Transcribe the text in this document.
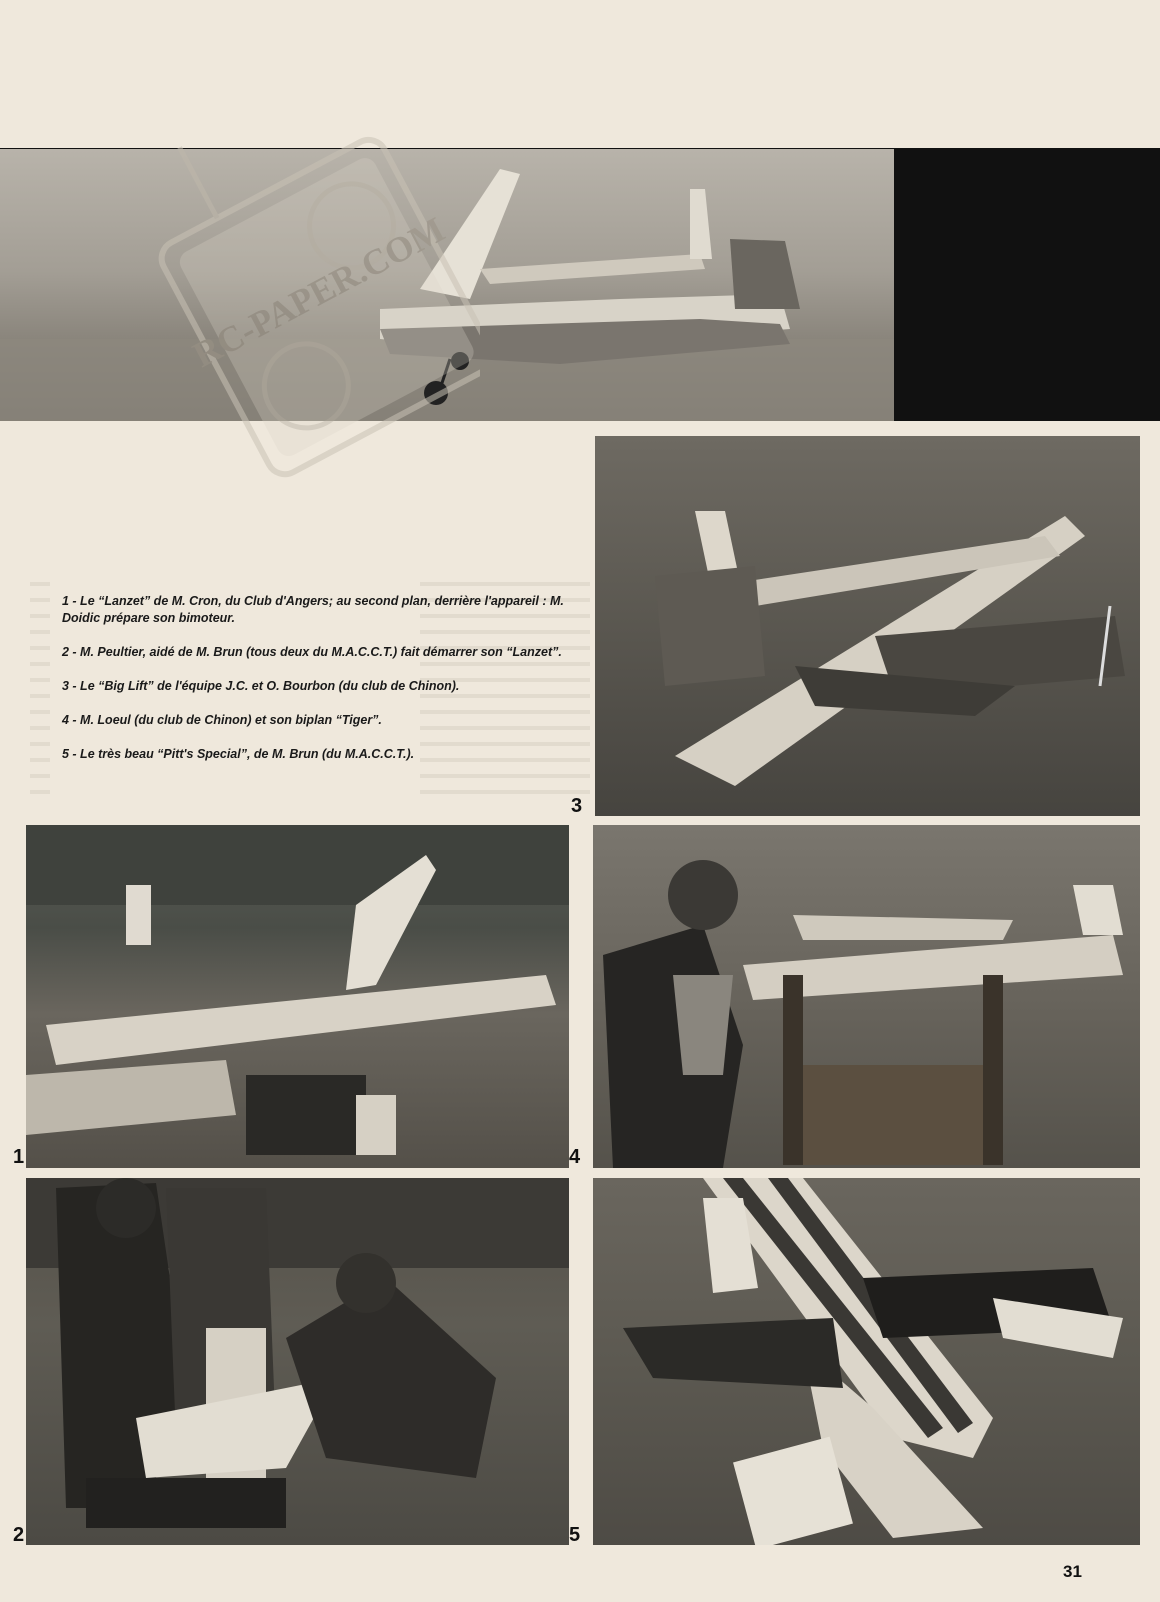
3

1 - Le “Lanzet” de M. Cron, du Club d'Angers; au second plan, derrière l'appareil : M. Doidic prépare son bimoteur.

2 - M. Peultier, aidé de M. Brun (tous deux du M.A.C.C.T.) fait démarrer son “Lanzet”.

3 - Le “Big Lift” de l'équipe J.C. et O. Bourbon (du club de Chinon).

4 - M. Loeul (du club de Chinon) et son biplan “Tiger”.

5 - Le très beau “Pitt's Special”, de M. Brun (du M.A.C.C.T.).

1	4
2	5
RC-PAPER.COM
31
